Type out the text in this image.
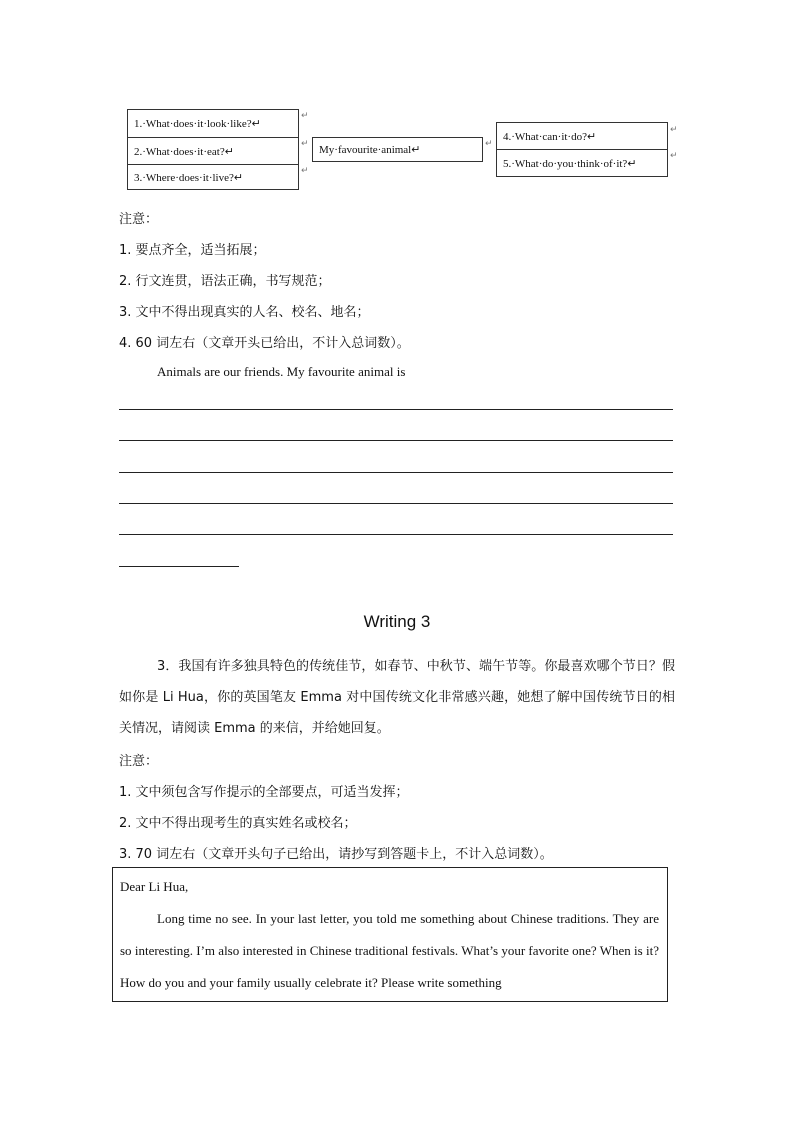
1.·What·does·it·look·like?↵
2.·What·does·it·eat?↵
3.·Where·does·it·live?↵
↵
↵
↵
My·favourite·animal↵	↵
4.·What·can·it·do?↵
5.·What·do·you·think·of·it?↵
↵
↵
注意：
1. 要点齐全，适当拓展；
2. 行文连贯，语法正确，书写规范；
3. 文中不得出现真实的人名、校名、地名；
4. 60 词左右（文章开头已给出，不计入总词数）。
Animals are our friends. My favourite animal is
Writing 3
3．我国有许多独具特色的传统佳节，如春节、中秋节、端午节等。你最喜欢哪个节日？假如你是 Li Hua，你的英国笔友 Emma 对中国传统文化非常感兴趣，她想了解中国传统节日的相关情况，请阅读 Emma 的来信，并给她回复。
注意：
1. 文中须包含写作提示的全部要点，可适当发挥；
2. 文中不得出现考生的真实姓名或校名；
3. 70 词左右（文章开头句子已给出，请抄写到答题卡上，不计入总词数）。
Dear Li Hua,
Long time no see. In your last letter, you told me something about Chinese traditions. They are so interesting. I’m also interested in Chinese traditional festivals. What’s your favorite one? When is it? How do you and your family usually celebrate it? Please write something
